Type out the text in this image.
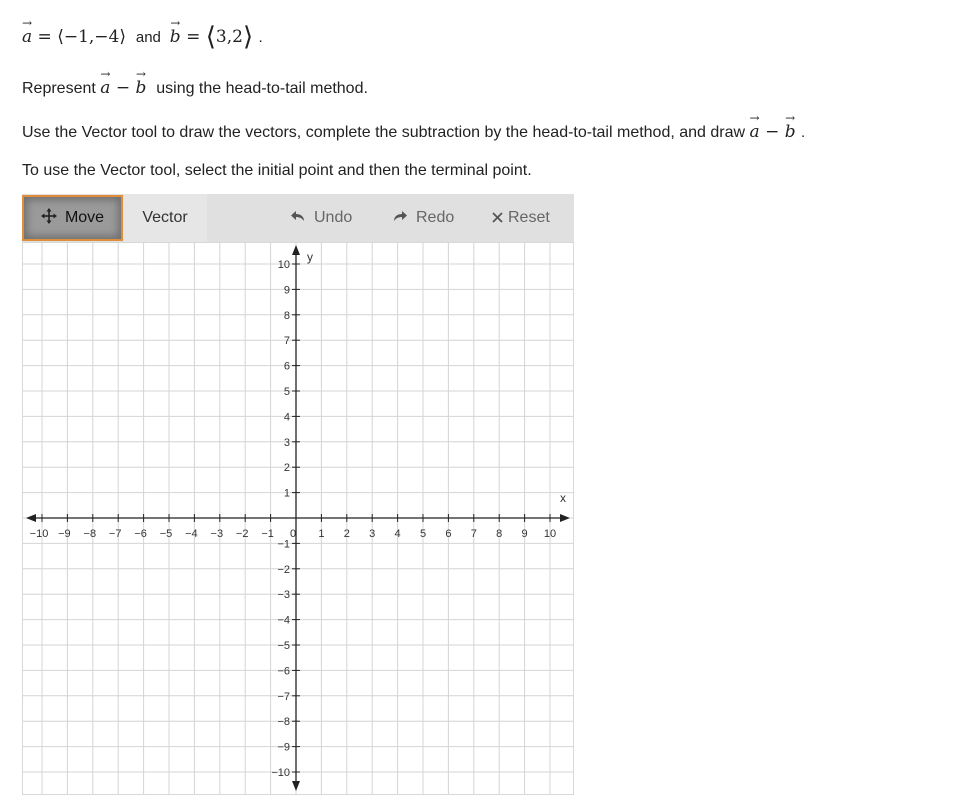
→ a = ⟨−1,−4⟩ and → b = ⟨3,2⟩ .
Represent → a − → b using the head-to-tail method.
Use the Vector tool to draw the vectors, complete the subtraction by the head-to-tail method, and draw → a − → b .
To use the Vector tool, select the initial point and then the terminal point.
Move Vector	Undo	Redo	Reset
−10 −9 −8 −7 −6 −5 −4 −3 −2 −1	1 2 3 4 5 6 7 8 9 10
10
9
8
7
6
5
4
3
2
1
−1
−2
−3
−4
−5
−6
−7
−8
−9
−10
0
x
y
